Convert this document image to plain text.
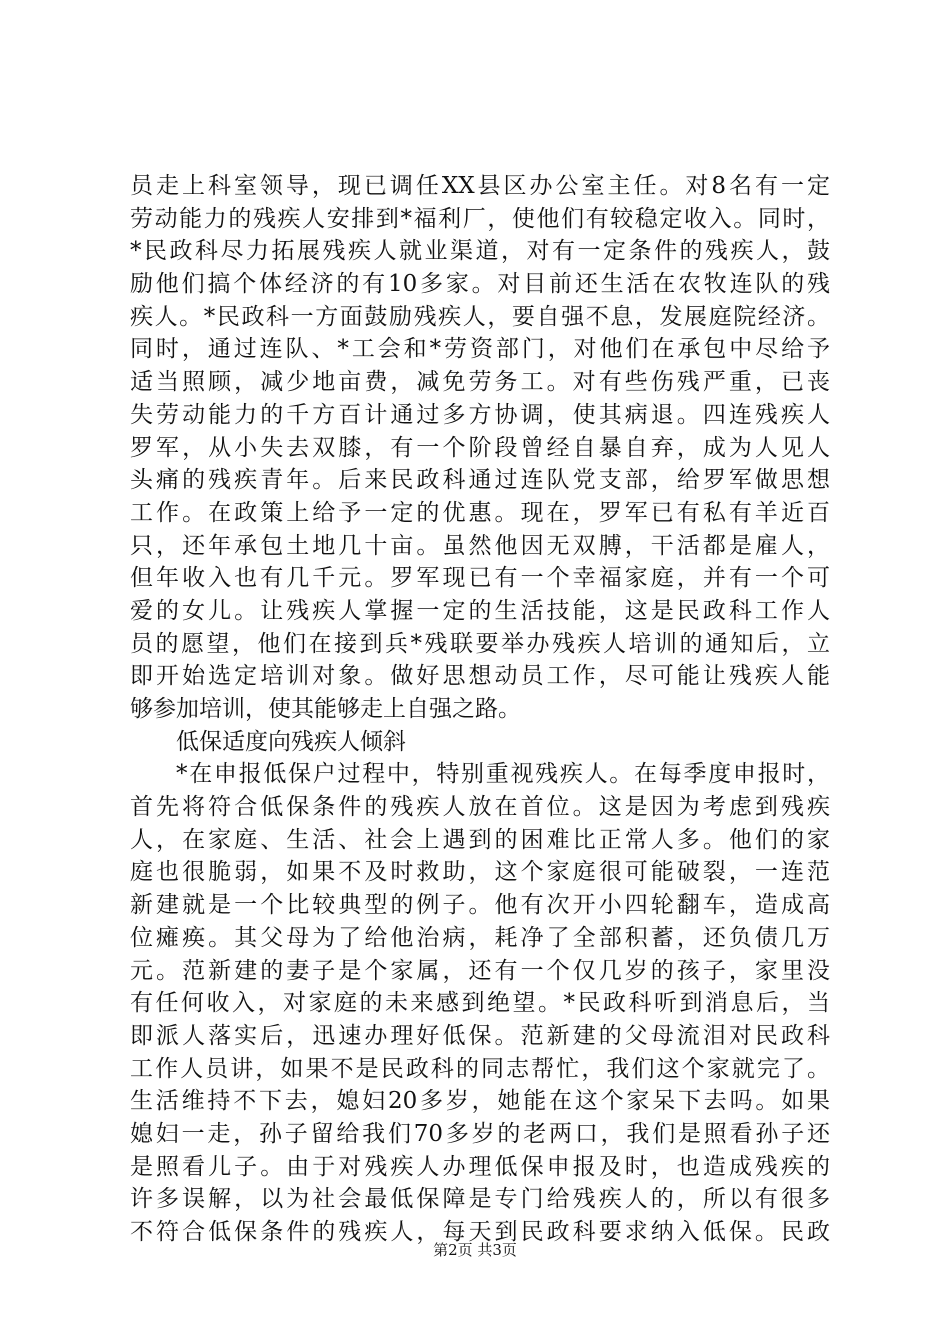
员走上科室领导，现已调任XX县区办公室主任。对8名有一定
劳动能力的残疾人安排到*福利厂，使他们有较稳定收入。同时，
*民政科尽力拓展残疾人就业渠道，对有一定条件的残疾人，鼓
励他们搞个体经济的有10多家。对目前还生活在农牧连队的残
疾人。*民政科一方面鼓励残疾人，要自强不息，发展庭院经济。
同时，通过连队、*工会和*劳资部门，对他们在承包中尽给予
适当照顾，减少地亩费，减免劳务工。对有些伤残严重，已丧
失劳动能力的千方百计通过多方协调，使其病退。四连残疾人
罗军，从小失去双膝，有一个阶段曾经自暴自弃，成为人见人
头痛的残疾青年。后来民政科通过连队党支部，给罗军做思想
工作。在政策上给予一定的优惠。现在，罗军已有私有羊近百
只，还年承包土地几十亩。虽然他因无双膊，干活都是雇人，
但年收入也有几千元。罗军现已有一个幸福家庭，并有一个可
爱的女儿。让残疾人掌握一定的生活技能，这是民政科工作人
员的愿望，他们在接到兵*残联要举办残疾人培训的通知后，立
即开始选定培训对象。做好思想动员工作，尽可能让残疾人能
够参加培训，使其能够走上自强之路。
低保适度向残疾人倾斜
*在申报低保户过程中，特别重视残疾人。在每季度申报时，
首先将符合低保条件的残疾人放在首位。这是因为考虑到残疾
人，在家庭、生活、社会上遇到的困难比正常人多。他们的家
庭也很脆弱，如果不及时救助，这个家庭很可能破裂，一连范
新建就是一个比较典型的例子。他有次开小四轮翻车，造成高
位瘫痪。其父母为了给他治病，耗净了全部积蓄，还负债几万
元。范新建的妻子是个家属，还有一个仅几岁的孩子，家里没
有任何收入，对家庭的未来感到绝望。*民政科听到消息后，当
即派人落实后，迅速办理好低保。范新建的父母流泪对民政科
工作人员讲，如果不是民政科的同志帮忙，我们这个家就完了。
生活维持不下去，媳妇20多岁，她能在这个家呆下去吗。如果
媳妇一走，孙子留给我们70多岁的老两口，我们是照看孙子还
是照看儿子。由于对残疾人办理低保申报及时，也造成残疾的
许多误解，以为社会最低保障是专门给残疾人的，所以有很多
不符合低保条件的残疾人，每天到民政科要求纳入低保。民政
第2页 共3页
